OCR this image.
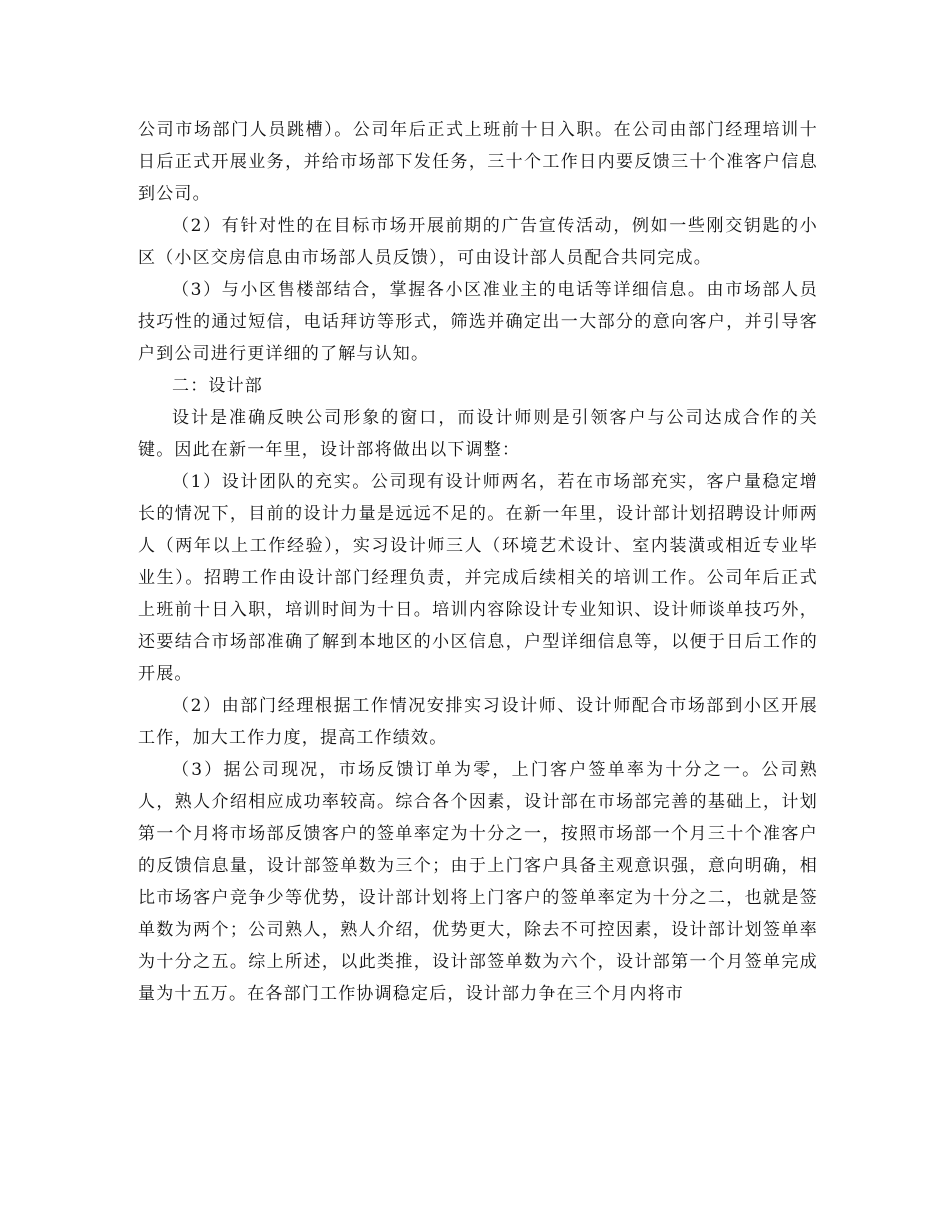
公司市场部门人员跳槽）。公司年后正式上班前十日入职。在公司由部门经理培训十日后正式开展业务，并给市场部下发任务，三十个工作日内要反馈三十个准客户信息到公司。

（2）有针对性的在目标市场开展前期的广告宣传活动，例如一些刚交钥匙的小区（小区交房信息由市场部人员反馈），可由设计部人员配合共同完成。

（3）与小区售楼部结合，掌握各小区准业主的电话等详细信息。由市场部人员技巧性的通过短信，电话拜访等形式，筛选并确定出一大部分的意向客户，并引导客户到公司进行更详细的了解与认知。

二：设计部

设计是准确反映公司形象的窗口，而设计师则是引领客户与公司达成合作的关键。因此在新一年里，设计部将做出以下调整：

（1）设计团队的充实。公司现有设计师两名，若在市场部充实，客户量稳定增长的情况下，目前的设计力量是远远不足的。在新一年里，设计部计划招聘设计师两人（两年以上工作经验），实习设计师三人（环境艺术设计、室内装潢或相近专业毕业生）。招聘工作由设计部门经理负责，并完成后续相关的培训工作。公司年后正式上班前十日入职，培训时间为十日。培训内容除设计专业知识、设计师谈单技巧外，还要结合市场部准确了解到本地区的小区信息，户型详细信息等，以便于日后工作的开展。

（2）由部门经理根据工作情况安排实习设计师、设计师配合市场部到小区开展工作，加大工作力度，提高工作绩效。

（3）据公司现况，市场反馈订单为零，上门客户签单率为十分之一。公司熟人，熟人介绍相应成功率较高。综合各个因素，设计部在市场部完善的基础上，计划第一个月将市场部反馈客户的签单率定为十分之一，按照市场部一个月三十个准客户的反馈信息量，设计部签单数为三个；由于上门客户具备主观意识强，意向明确，相比市场客户竞争少等优势，设计部计划将上门客户的签单率定为十分之二，也就是签单数为两个；公司熟人，熟人介绍，优势更大，除去不可控因素，设计部计划签单率为十分之五。综上所述，以此类推，设计部签单数为六个，设计部第一个月签单完成量为十五万。在各部门工作协调稳定后，设计部力争在三个月内将市
